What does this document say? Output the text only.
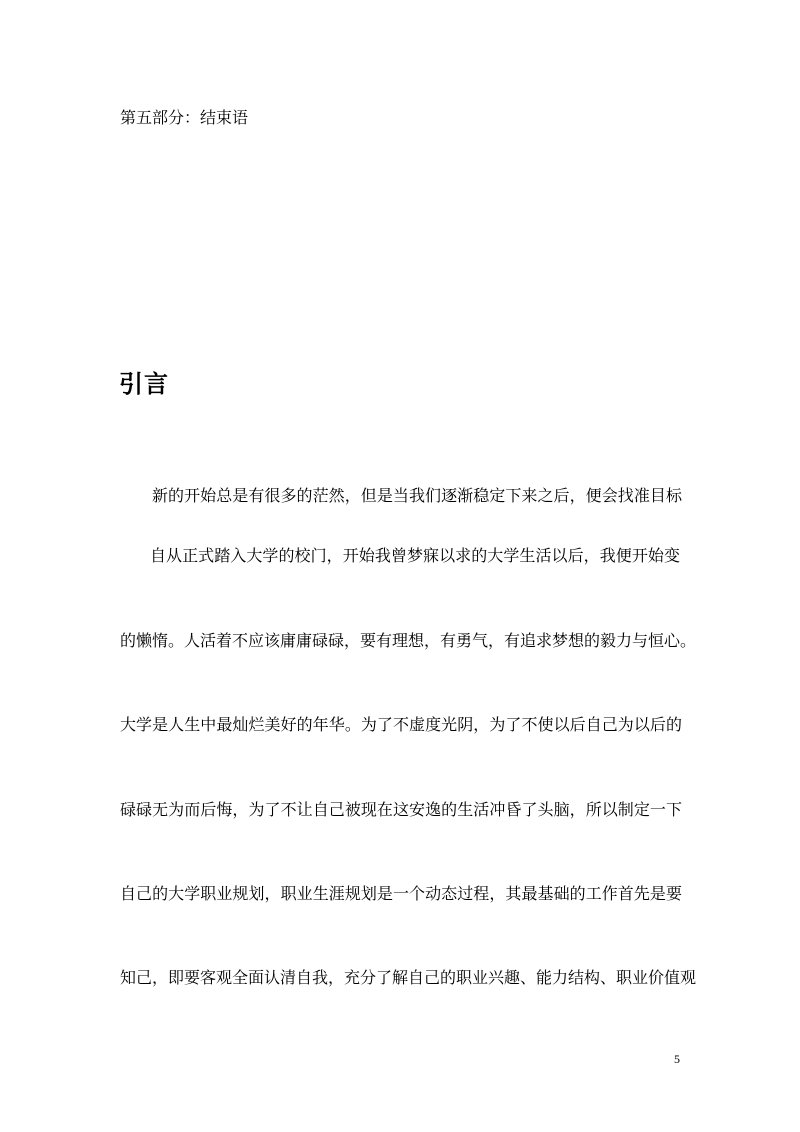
第五部分：结束语
引言
新的开始总是有很多的茫然，但是当我们逐渐稳定下来之后，便会找准目标
自从正式踏入大学的校门，开始我曾梦寐以求的大学生活以后，我便开始变
的懒惰。人活着不应该庸庸碌碌，要有理想，有勇气，有追求梦想的毅力与恒心。
大学是人生中最灿烂美好的年华。为了不虚度光阴，为了不使以后自己为以后的
碌碌无为而后悔，为了不让自己被现在这安逸的生活冲昏了头脑，所以制定一下
自己的大学职业规划，职业生涯规划是一个动态过程，其最基础的工作首先是要
知己，即要客观全面认清自我，充分了解自己的职业兴趣、能力结构、职业价值观
5
